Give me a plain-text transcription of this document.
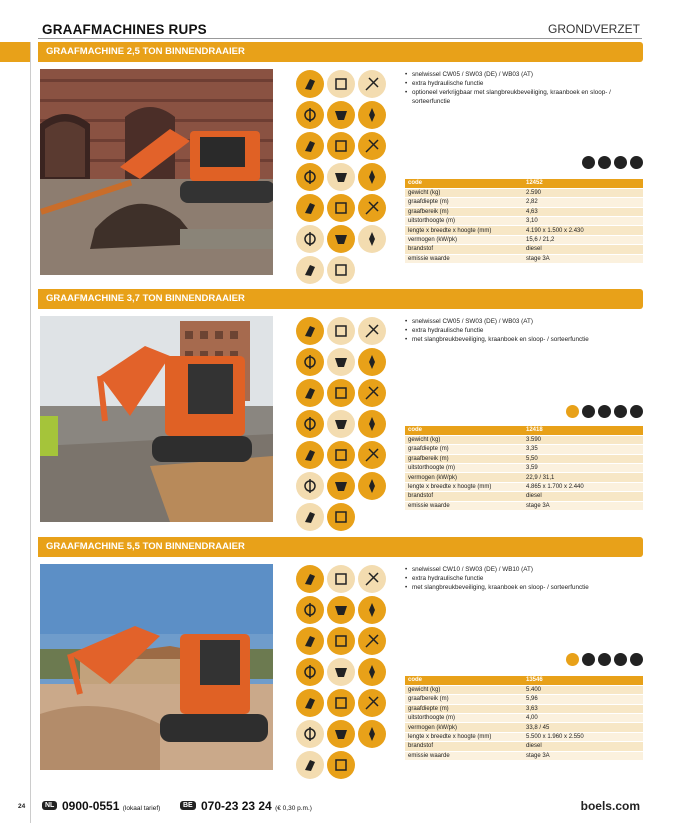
GRAAFMACHINES RUPS	GRONDVERZET
GRAAFMACHINE 2,5 TON BINNENDRAAIER
• snelwissel CW05 / SW03 (DE) / WB03 (AT)
• extra hydraulische functie
• optioneel verkrijgbaar met slangbreukbeveiliging, kraanboek en sloop- / sorteerfunctie
code	12452
gewicht (kg)	2.590
graafdiepte (m)	2,82
graafbereik (m)	4,63
uitstorthoogte (m)	3,10
lengte x breedte x hoogte (mm)	4.190 x 1.500 x 2.430
vermogen (kW/pk)	15,6 / 21,2
brandstof	diesel
emissie waarde	stage 3A
GRAAFMACHINE 3,7 TON BINNENDRAAIER
• snelwissel CW05 / SW03 (DE) / WB03 (AT)
• extra hydraulische functie
• met slangbreukbeveiliging, kraanboek en sloop- / sorteerfunctie
code	12418
gewicht (kg)	3.590
graafdiepte (m)	3,35
graafbereik (m)	5,50
uitstorthoogte (m)	3,59
vermogen (kW/pk)	22,9 / 31,1
lengte x breedte x hoogte (mm)	4.865 x 1.700 x 2.440
brandstof	diesel
emissie waarde	stage 3A
GRAAFMACHINE 5,5 TON BINNENDRAAIER
• snelwissel CW10 / SW03 (DE) / WB10 (AT)
• extra hydraulische functie
• met slangbreukbeveiliging, kraanboek en sloop- / sorteerfunctie
code	13546
gewicht (kg)	5.400
graafbereik (m)	5,96
graafdiepte (m)	3,63
uitstorthoogte (m)	4,00
vermogen (kW/pk)	33,8 / 45
lengte x breedte x hoogte (mm)	5.500 x 1.960 x 2.550
brandstof	diesel
emissie waarde	stage 3A
24	NL 0900-0551 (lokaal tarief)	BE 070-23 23 24 (€ 0,30 p.m.)	boels.com
